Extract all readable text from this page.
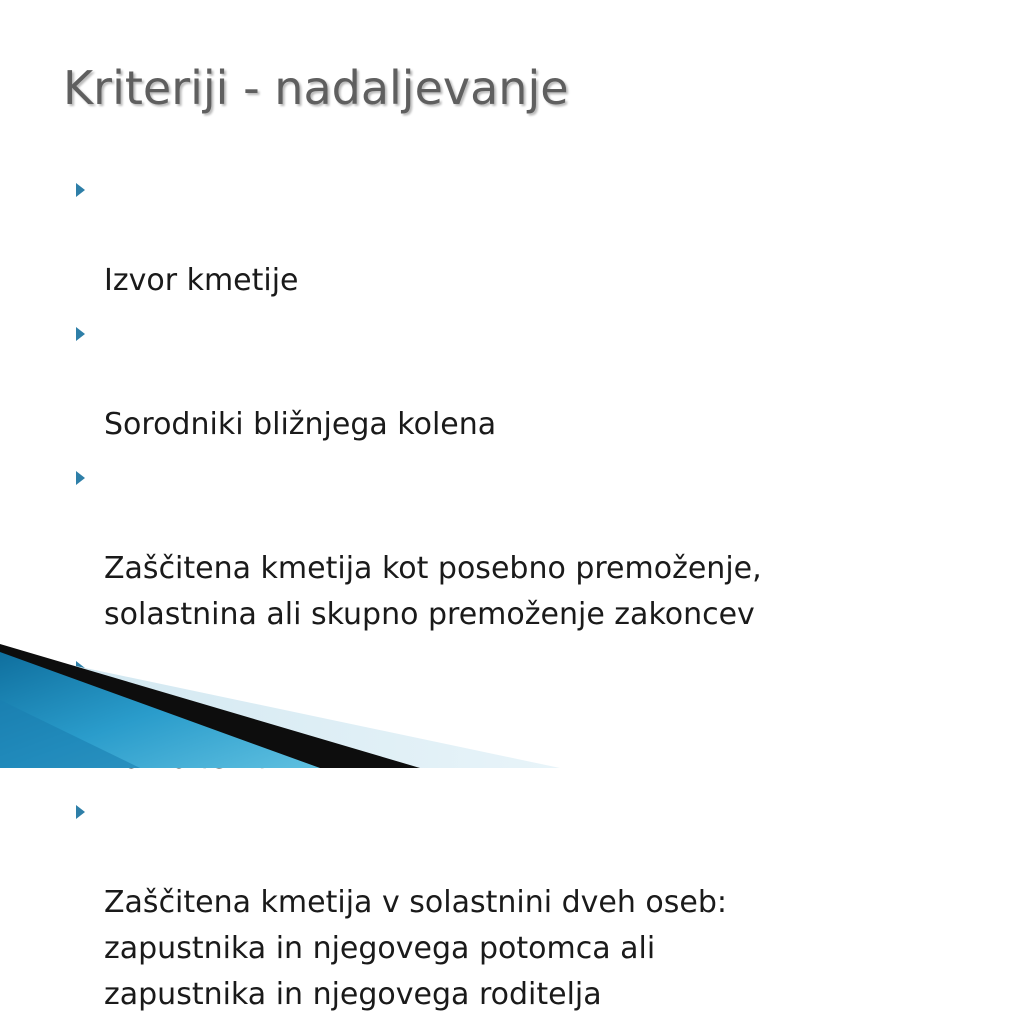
Kriteriji - nadaljevanje

Izvor kmetije

Sorodniki bližnjega kolena

Zaščitena kmetija kot posebno premoženje,
solastnina ali skupno premoženje zakoncev

Zaščitena kmetija v solastnini dveh oseb:
zapustnika in njegovega potomca ali
zapustnika in njegovega roditelja
